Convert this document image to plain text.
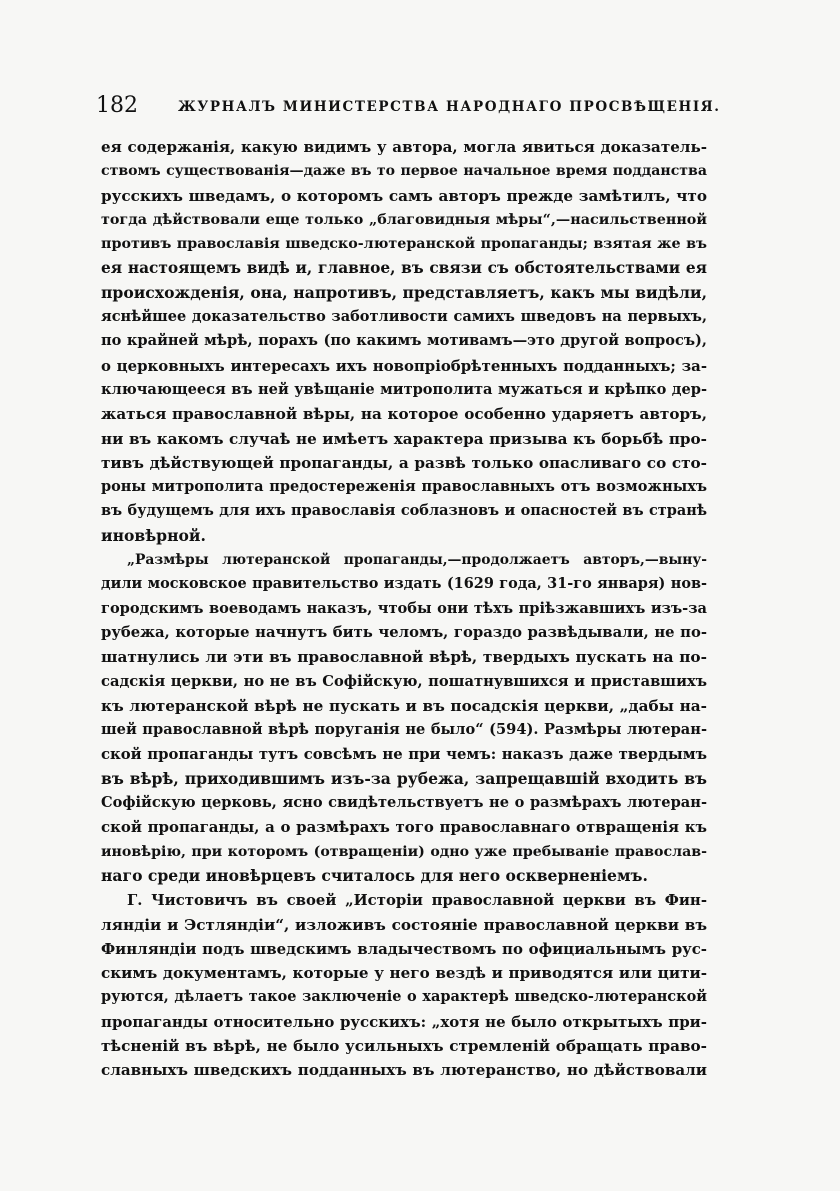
182	ЖУРНАЛЪ МИНИСТЕРСТВА НАРОДНАГО ПРОСВѢЩЕНІЯ.
ея содержанія, какую видимъ у автора, могла явиться доказатель-
ствомъ существованія—даже въ то первое начальное время подданства
русскихъ шведамъ, о которомъ самъ авторъ прежде замѣтилъ, что
тогда дѣйствовали еще только „благовидныя мѣры“,—насильственной
противъ православія шведско-лютеранской пропаганды; взятая же въ
ея настоящемъ видѣ и, главное, въ связи съ обстоятельствами ея
происхожденія, она, напротивъ, представляетъ, какъ мы видѣли,
яснѣйшее доказательство заботливости самихъ шведовъ на первыхъ,
по крайней мѣрѣ, порахъ (по какимъ мотивамъ—это другой вопросъ),
о церковныхъ интересахъ ихъ новопріобрѣтенныхъ подданныхъ; за-
ключающееся въ ней увѣщаніе митрополита мужаться и крѣпко дер-
жаться православной вѣры, на которое особенно ударяетъ авторъ,
ни въ какомъ случаѣ не имѣетъ характера призыва къ борьбѣ про-
тивъ дѣйствующей пропаганды, а развѣ только опасливаго со сто-
роны митрополита предостереженія православныхъ отъ возможныхъ
въ будущемъ для ихъ православія соблазновъ и опасностей въ странѣ
иновѣрной.
„Размѣры лютеранской пропаганды,—продолжаетъ авторъ,—выну-
дили московское правительство издать (1629 года, 31-го января) нов-
городскимъ воеводамъ наказъ, чтобы они тѣхъ пріѣзжавшихъ изъ-за
рубежа, которые начнутъ бить челомъ, гораздо развѣдывали, не по-
шатнулись ли эти въ православной вѣрѣ, твердыхъ пускать на по-
садскія церкви, но не въ Софійскую, пошатнувшихся и приставшихъ
къ лютеранской вѣрѣ не пускать и въ посадскія церкви, „дабы на-
шей православной вѣрѣ поруганія не было“ (594). Размѣры лютеран-
ской пропаганды тутъ совсѣмъ не при чемъ: наказъ даже твердымъ
въ вѣрѣ, приходившимъ изъ-за рубежа, запрещавшій входить въ
Софійскую церковь, ясно свидѣтельствуетъ не о размѣрахъ лютеран-
ской пропаганды, а о размѣрахъ того православнаго отвращенія къ
иновѣрію, при которомъ (отвращеніи) одно уже пребываніе православ-
наго среди иновѣрцевъ считалось для него оскверненіемъ.
Г. Чистовичъ въ своей „Исторіи православной церкви въ Фин-
ляндіи и Эстляндіи“, изложивъ состояніе православной церкви въ
Финляндіи подъ шведскимъ владычествомъ по официальнымъ рус-
скимъ документамъ, которые у него вездѣ и приводятся или цити-
руются, дѣлаетъ такое заключеніе о характерѣ шведско-лютеранской
пропаганды относительно русскихъ: „хотя не было открытыхъ при-
тѣсненій въ вѣрѣ, не было усильныхъ стремленій обращать право-
славныхъ шведскихъ подданныхъ въ лютеранство, но дѣйствовали
